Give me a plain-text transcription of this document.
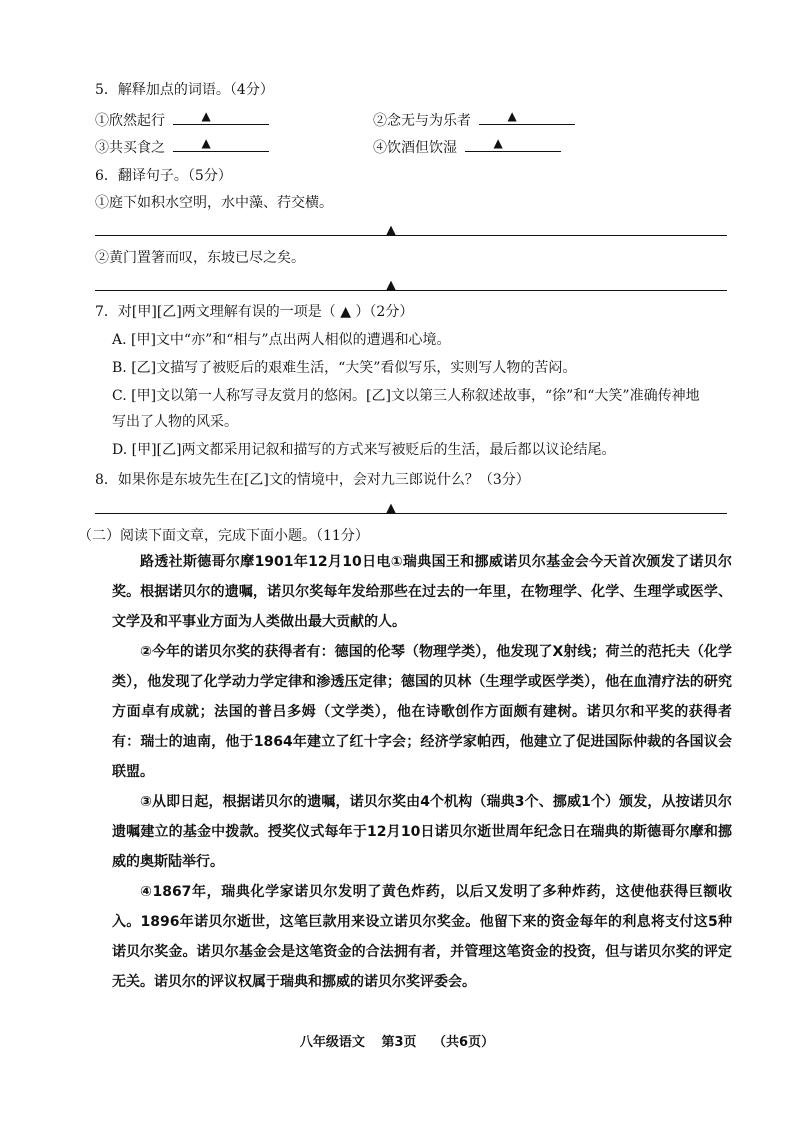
5．解释加点的词语。（4分）
①欣然起行	▲	②念无与为乐者	▲
③共买食之	▲	④饮酒但饮湿	▲
6．翻译句子。（5分）
①庭下如积水空明，水中藻、荇交横。
▲
②黄门置箸而叹，东坡已尽之矣。
▲
7．对[甲][乙]两文理解有误的一项是（ ▲ ）（2分）
A. [甲]文中“亦”和“相与”点出两人相似的遭遇和心境。
B. [乙]文描写了被贬后的艰难生活，“大笑”看似写乐，实则写人物的苦闷。
C. [甲]文以第一人称写寻友赏月的悠闲。[乙]文以第三人称叙述故事，“徐”和“大笑”准确传神地
写出了人物的风采。
D. [甲][乙]两文都采用记叙和描写的方式来写被贬后的生活，最后都以议论结尾。
8．如果你是东坡先生在[乙]文的情境中，会对九三郎说什么？（3分）
▲
（二）阅读下面文章，完成下面小题。（11分）

路透社斯德哥尔摩1901年12月10日电①瑞典国王和挪威诺贝尔基金会今天首次颁发了诺贝尔奖。根据诺贝尔的遗嘱，诺贝尔奖每年发给那些在过去的一年里，在物理学、化学、生理学或医学、文学及和平事业方面为人类做出最大贡献的人。

②今年的诺贝尔奖的获得者有：德国的伦琴（物理学类），他发现了X射线；荷兰的范托夫（化学类），他发现了化学动力学定律和渗透压定律；德国的贝林（生理学或医学类），他在血清疗法的研究方面卓有成就；法国的普吕多姆（文学类），他在诗歌创作方面颇有建树。诺贝尔和平奖的获得者有：瑞士的迪南，他于1864年建立了红十字会；经济学家帕西，他建立了促进国际仲裁的各国议会联盟。

③从即日起，根据诺贝尔的遗嘱，诺贝尔奖由4个机构（瑞典3个、挪威1个）颁发，从按诺贝尔遗嘱建立的基金中拨款。授奖仪式每年于12月10日诺贝尔逝世周年纪念日在瑞典的斯德哥尔摩和挪威的奥斯陆举行。

④1867年，瑞典化学家诺贝尔发明了黄色炸药，以后又发明了多种炸药，这使他获得巨额收入。1896年诺贝尔逝世，这笔巨款用来设立诺贝尔奖金。他留下来的资金每年的利息将支付这5种诺贝尔奖金。诺贝尔基金会是这笔资金的合法拥有者，并管理这笔资金的投资，但与诺贝尔奖的评定无关。诺贝尔的评议权属于瑞典和挪威的诺贝尔奖评委会。

八年级语文 第3页 （共6页）
